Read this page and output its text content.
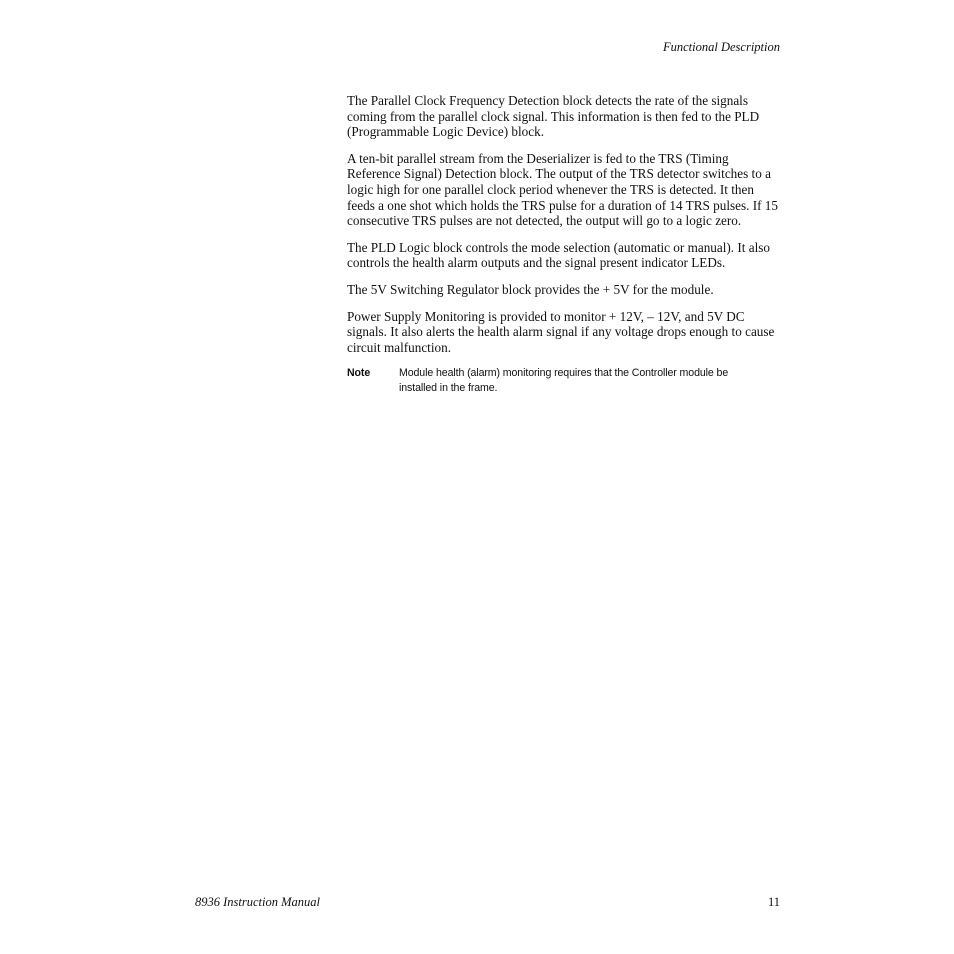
Functional Description

The Parallel Clock Frequency Detection block detects the rate of the signals coming from the parallel clock signal. This information is then fed to the PLD (Programmable Logic Device) block.

A ten-bit parallel stream from the Deserializer is fed to the TRS (Timing Reference Signal) Detection block. The output of the TRS detector switches to a logic high for one parallel clock period whenever the TRS is detected. It then feeds a one shot which holds the TRS pulse for a duration of 14 TRS pulses. If 15 consecutive TRS pulses are not detected, the output will go to a logic zero.

The PLD Logic block controls the mode selection (automatic or manual). It also controls the health alarm outputs and the signal present indicator LEDs.

The 5V Switching Regulator block provides the + 5V for the module.

Power Supply Monitoring is provided to monitor + 12V, – 12V, and 5V DC signals. It also alerts the health alarm signal if any voltage drops enough to cause circuit malfunction.

Note	Module health (alarm) monitoring requires that the Controller module be installed in the frame.
8936 Instruction Manual	11
